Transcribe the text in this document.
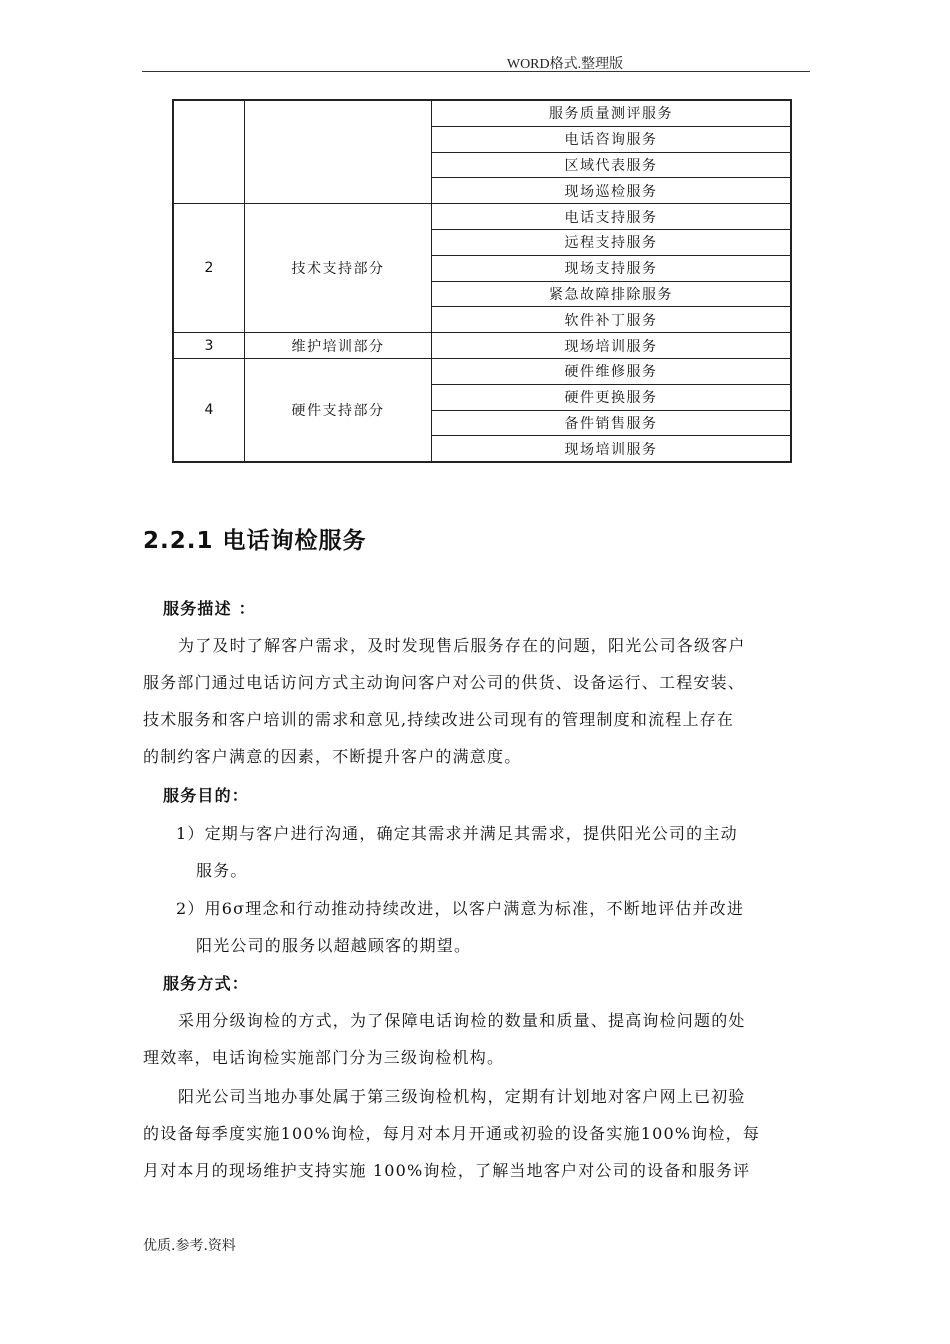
WORD格式.整理版
		服务质量测评服务
		电话咨询服务
		区域代表服务
		现场巡检服务
2	技术支持部分	电话支持服务
		远程支持服务
		现场支持服务
		紧急故障排除服务
		软件补丁服务
3	维护培训部分	现场培训服务
4	硬件支持部分	硬件维修服务
		硬件更换服务
		备件销售服务
		现场培训服务
2.2.1 电话询检服务
服务描述 ：
为了及时了解客户需求，及时发现售后服务存在的问题，阳光公司各级客户
服务部门通过电话访问方式主动询问客户对公司的供货、设备运行、工程安装、
技术服务和客户培训的需求和意见,持续改进公司现有的管理制度和流程上存在
的制约客户满意的因素，不断提升客户的满意度。
服务目的：
1）定期与客户进行沟通，确定其需求并满足其需求，提供阳光公司的主动
服务。
2）用6σ理念和行动推动持续改进，以客户满意为标准，不断地评估并改进
阳光公司的服务以超越顾客的期望。
服务方式：
采用分级询检的方式，为了保障电话询检的数量和质量、提高询检问题的处
理效率，电话询检实施部门分为三级询检机构。
阳光公司当地办事处属于第三级询检机构，定期有计划地对客户网上已初验
的设备每季度实施100%询检，每月对本月开通或初验的设备实施100%询检，每
月对本月的现场维护支持实施 100%询检，了解当地客户对公司的设备和服务评
优质.参考.资料
